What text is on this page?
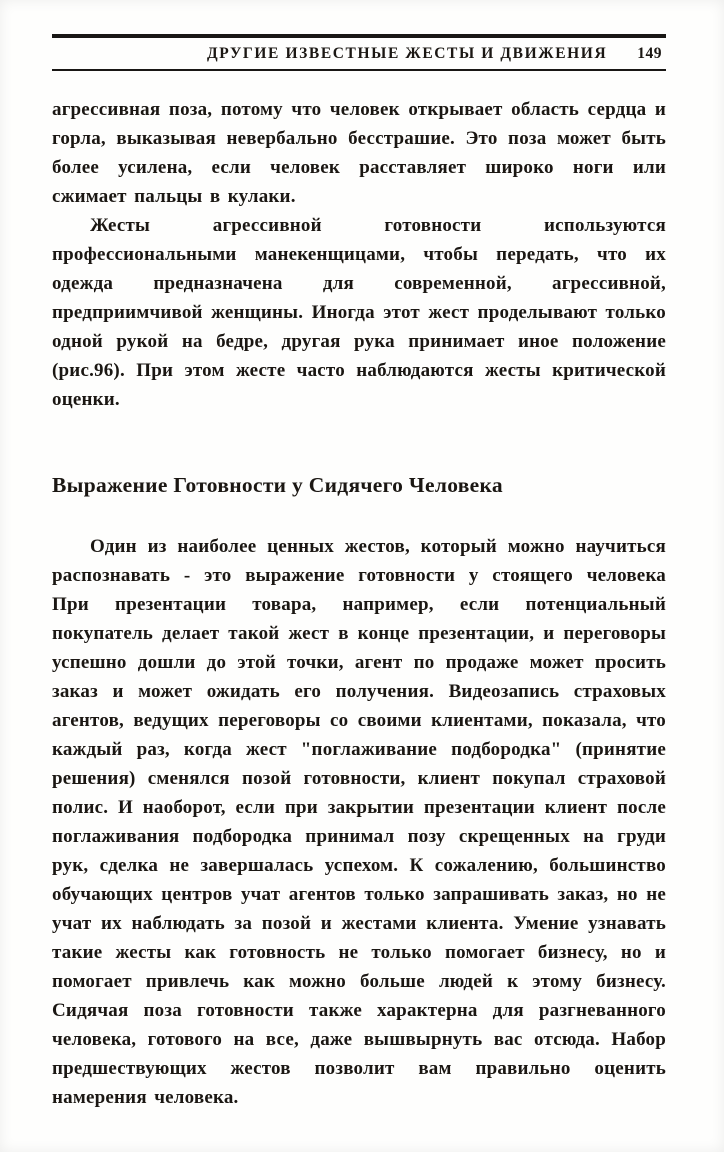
ДРУГИЕ ИЗВЕСТНЫЕ ЖЕСТЫ И ДВИЖЕНИЯ 149

агрессивная поза, потому что человек открывает область сердца и горла, выказывая невербально бесстрашие. Это поза может быть более усилена, если человек расставляет широко ноги или сжимает пальцы в кулаки.

Жесты агрессивной готовности используются профессиональными манекенщицами, чтобы передать, что их одежда предназначена для современной, агрессивной, предприимчивой женщины. Иногда этот жест проделывают только одной рукой на бедре, другая рука принимает иное положение (рис.96). При этом жесте часто наблюдаются жесты критической оценки.

Выражение Готовности у Сидячего Человека

Один из наиболее ценных жестов, который можно научиться распознавать - это выражение готовности у стоящего человека При презентации товара, например, если потенциальный покупатель делает такой жест в конце презентации, и переговоры успешно дошли до этой точки, агент по продаже может просить заказ и может ожидать его получения. Видеозапись страховых агентов, ведущих переговоры со своими клиентами, показала, что каждый раз, когда жест "поглаживание подбородка" (принятие решения) сменялся позой готовности, клиент покупал страховой полис. И наоборот, если при закрытии презентации клиент после поглаживания подбородка принимал позу скрещенных на груди рук, сделка не завершалась успехом. К сожалению, большинство обучающих центров учат агентов только запрашивать заказ, но не учат их наблюдать за позой и жестами клиента. Умение узнавать такие жесты как готовность не только помогает бизнесу, но и помогает привлечь как можно больше людей к этому бизнесу. Сидячая поза готовности также характерна для разгневанного человека, готового на все, даже вышвырнуть вас отсюда. Набор предшествующих жестов позволит вам правильно оценить намерения человека.
